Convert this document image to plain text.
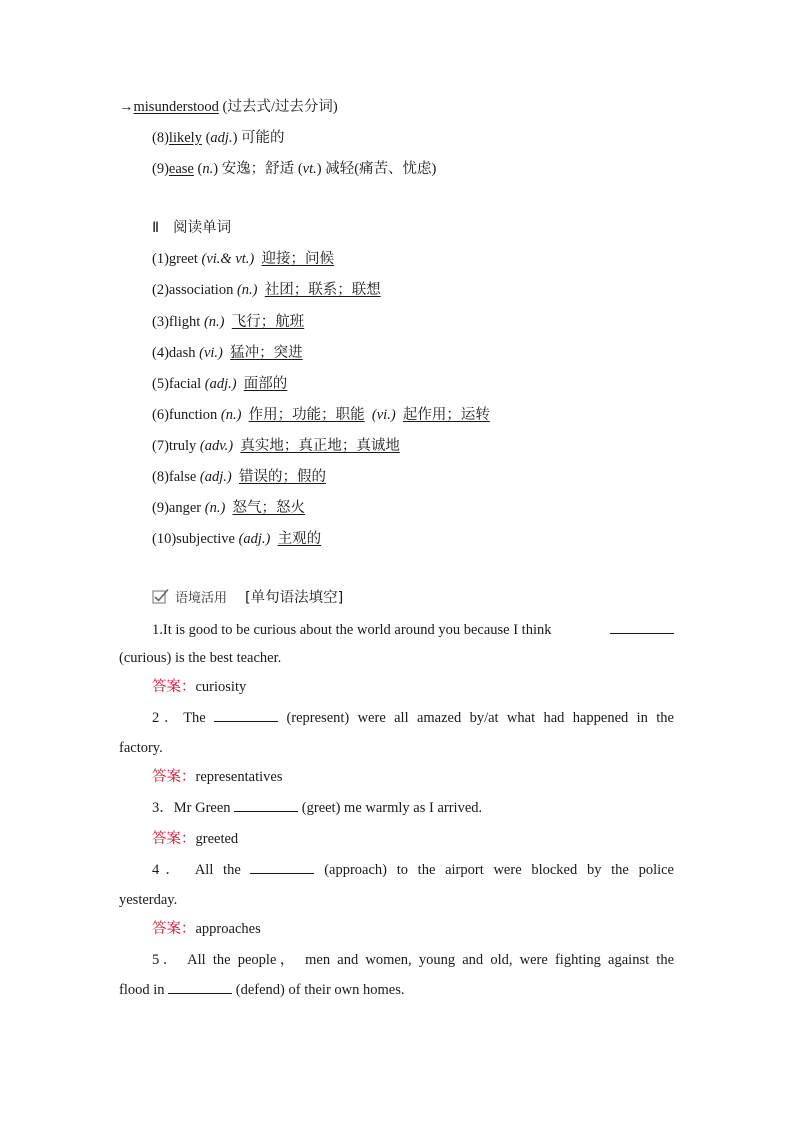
→misunderstood (过去式/过去分词)
(8)likely (adj.) 可能的
(9)ease (n.) 安逸；舒适 (vt.) 减轻(痛苦、忧虑)
Ⅱ 阅读单词
(1)greet (vi.& vt.) 迎接；问候
(2)association (n.) 社团；联系；联想
(3)flight (n.) 飞行；航班
(4)dash (vi.) 猛冲；突进
(5)facial (adj.) 面部的
(6)function (n.) 作用；功能；职能 (vi.) 起作用；运转
(7)truly (adv.) 真实地；真正地；真诚地
(8)false (adj.) 错误的；假的
(9)anger (n.) 怒气；怒火
(10)subjective (adj.) 主观的
语境活用 [单句语法填空]
1.It is good to be curious about the world around you because I think
(curious) is the best teacher.
答案：curiosity
2．The	(represent) were all amazed by/at what had happened in the
factory.
答案：representatives
3．Mr Green	(greet) me warmly as I arrived.
答案：greeted
4． All the	(approach) to the airport were blocked by the police
yesterday.
答案：approaches
5． All the people， men and women, young and old, were fighting against the
flood in	(defend) of their own homes.
